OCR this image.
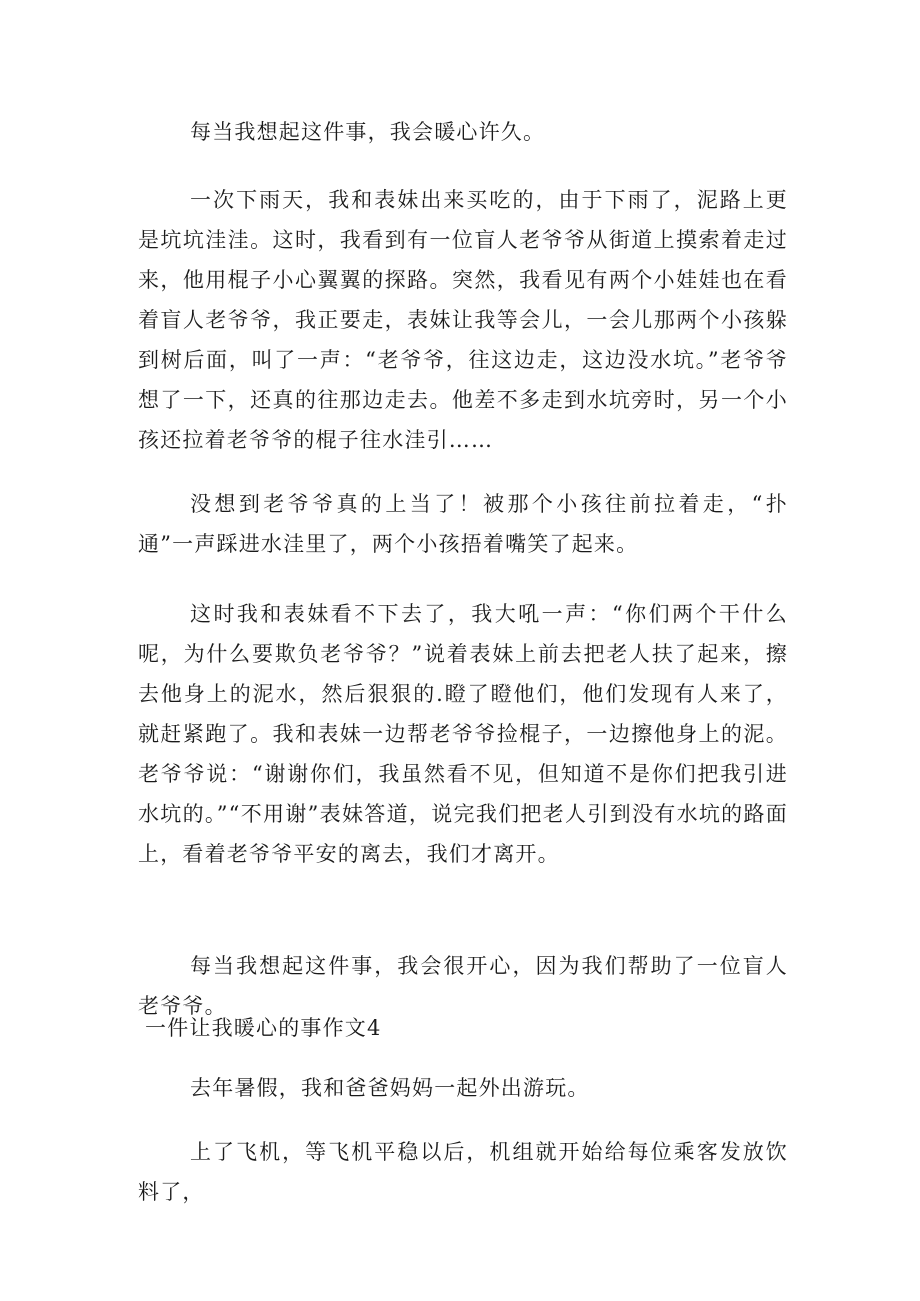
每当我想起这件事，我会暖心许久。

一次下雨天，我和表妹出来买吃的，由于下雨了，泥路上更是坑坑洼洼。这时，我看到有一位盲人老爷爷从街道上摸索着走过来，他用棍子小心翼翼的探路。突然，我看见有两个小娃娃也在看着盲人老爷爷，我正要走，表妹让我等会儿，一会儿那两个小孩躲到树后面，叫了一声：“老爷爷，往这边走，这边没水坑。”老爷爷想了一下，还真的往那边走去。他差不多走到水坑旁时，另一个小孩还拉着老爷爷的棍子往水洼引……

没想到老爷爷真的上当了！被那个小孩往前拉着走，“扑通”一声踩进水洼里了，两个小孩捂着嘴笑了起来。

这时我和表妹看不下去了，我大吼一声：“你们两个干什么呢，为什么要欺负老爷爷？”说着表妹上前去把老人扶了起来，擦去他身上的泥水，然后狠狠的.瞪了瞪他们，他们发现有人来了，就赶紧跑了。我和表妹一边帮老爷爷捡棍子，一边擦他身上的泥。老爷爷说：“谢谢你们，我虽然看不见，但知道不是你们把我引进水坑的。”“不用谢”表妹答道，说完我们把老人引到没有水坑的路面上，看着老爷爷平安的离去，我们才离开。

每当我想起这件事，我会很开心，因为我们帮助了一位盲人老爷爷。

一件让我暖心的事作文4

去年暑假，我和爸爸妈妈一起外出游玩。

上了飞机，等飞机平稳以后，机组就开始给每位乘客发放饮料了，
